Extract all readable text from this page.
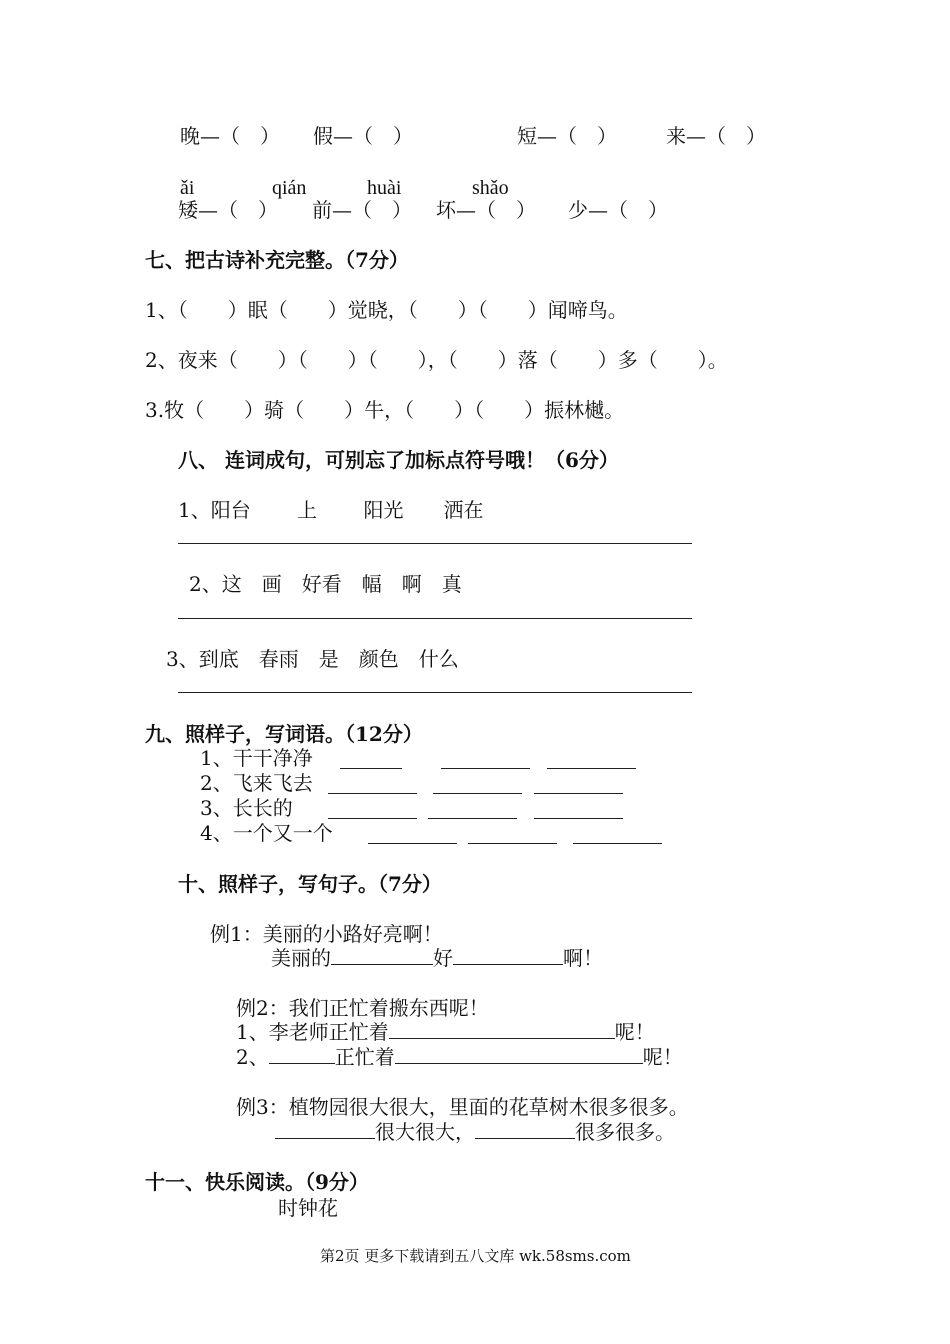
晚—（　） 假—（　）	短—（　） 来—（　）
ǎi	qián	huài	shǎo
矮—（　） 前—（　） 坏—（　） 少—（　）
七、把古诗补充完整。（7分）
1、（　　）眠（　　）觉晓，（　　）（　　）闻啼鸟。
2、夜来（　　）（　　）（　　），（　　）落（　　）多（　　）。
3.牧（　　）骑（　　）牛，（　　）（　　）振林樾。
八、 连词成句，可别忘了加标点符号哦！（6分）
1、阳台　　 上　　 阳光　　洒在
2、这　画　好看　幅　啊　真
3、到底　春雨　是　颜色　什么
九、照样子，写词语。（12分）
1、干干净净
2、飞来飞去
3、长长的
4、一个又一个
十、照样子，写句子。（7分）
例1：美丽的小路好亮啊！
美丽的	好	啊！
例2：我们正忙着搬东西呢！
1、李老师正忙着	呢！
2、	正忙着	呢！
例3：植物园很大很大，里面的花草树木很多很多。
很大很大，	很多很多。
十一、快乐阅读。（9分）
时钟花
第2页 更多下载请到五八文库 wk.58sms.com
